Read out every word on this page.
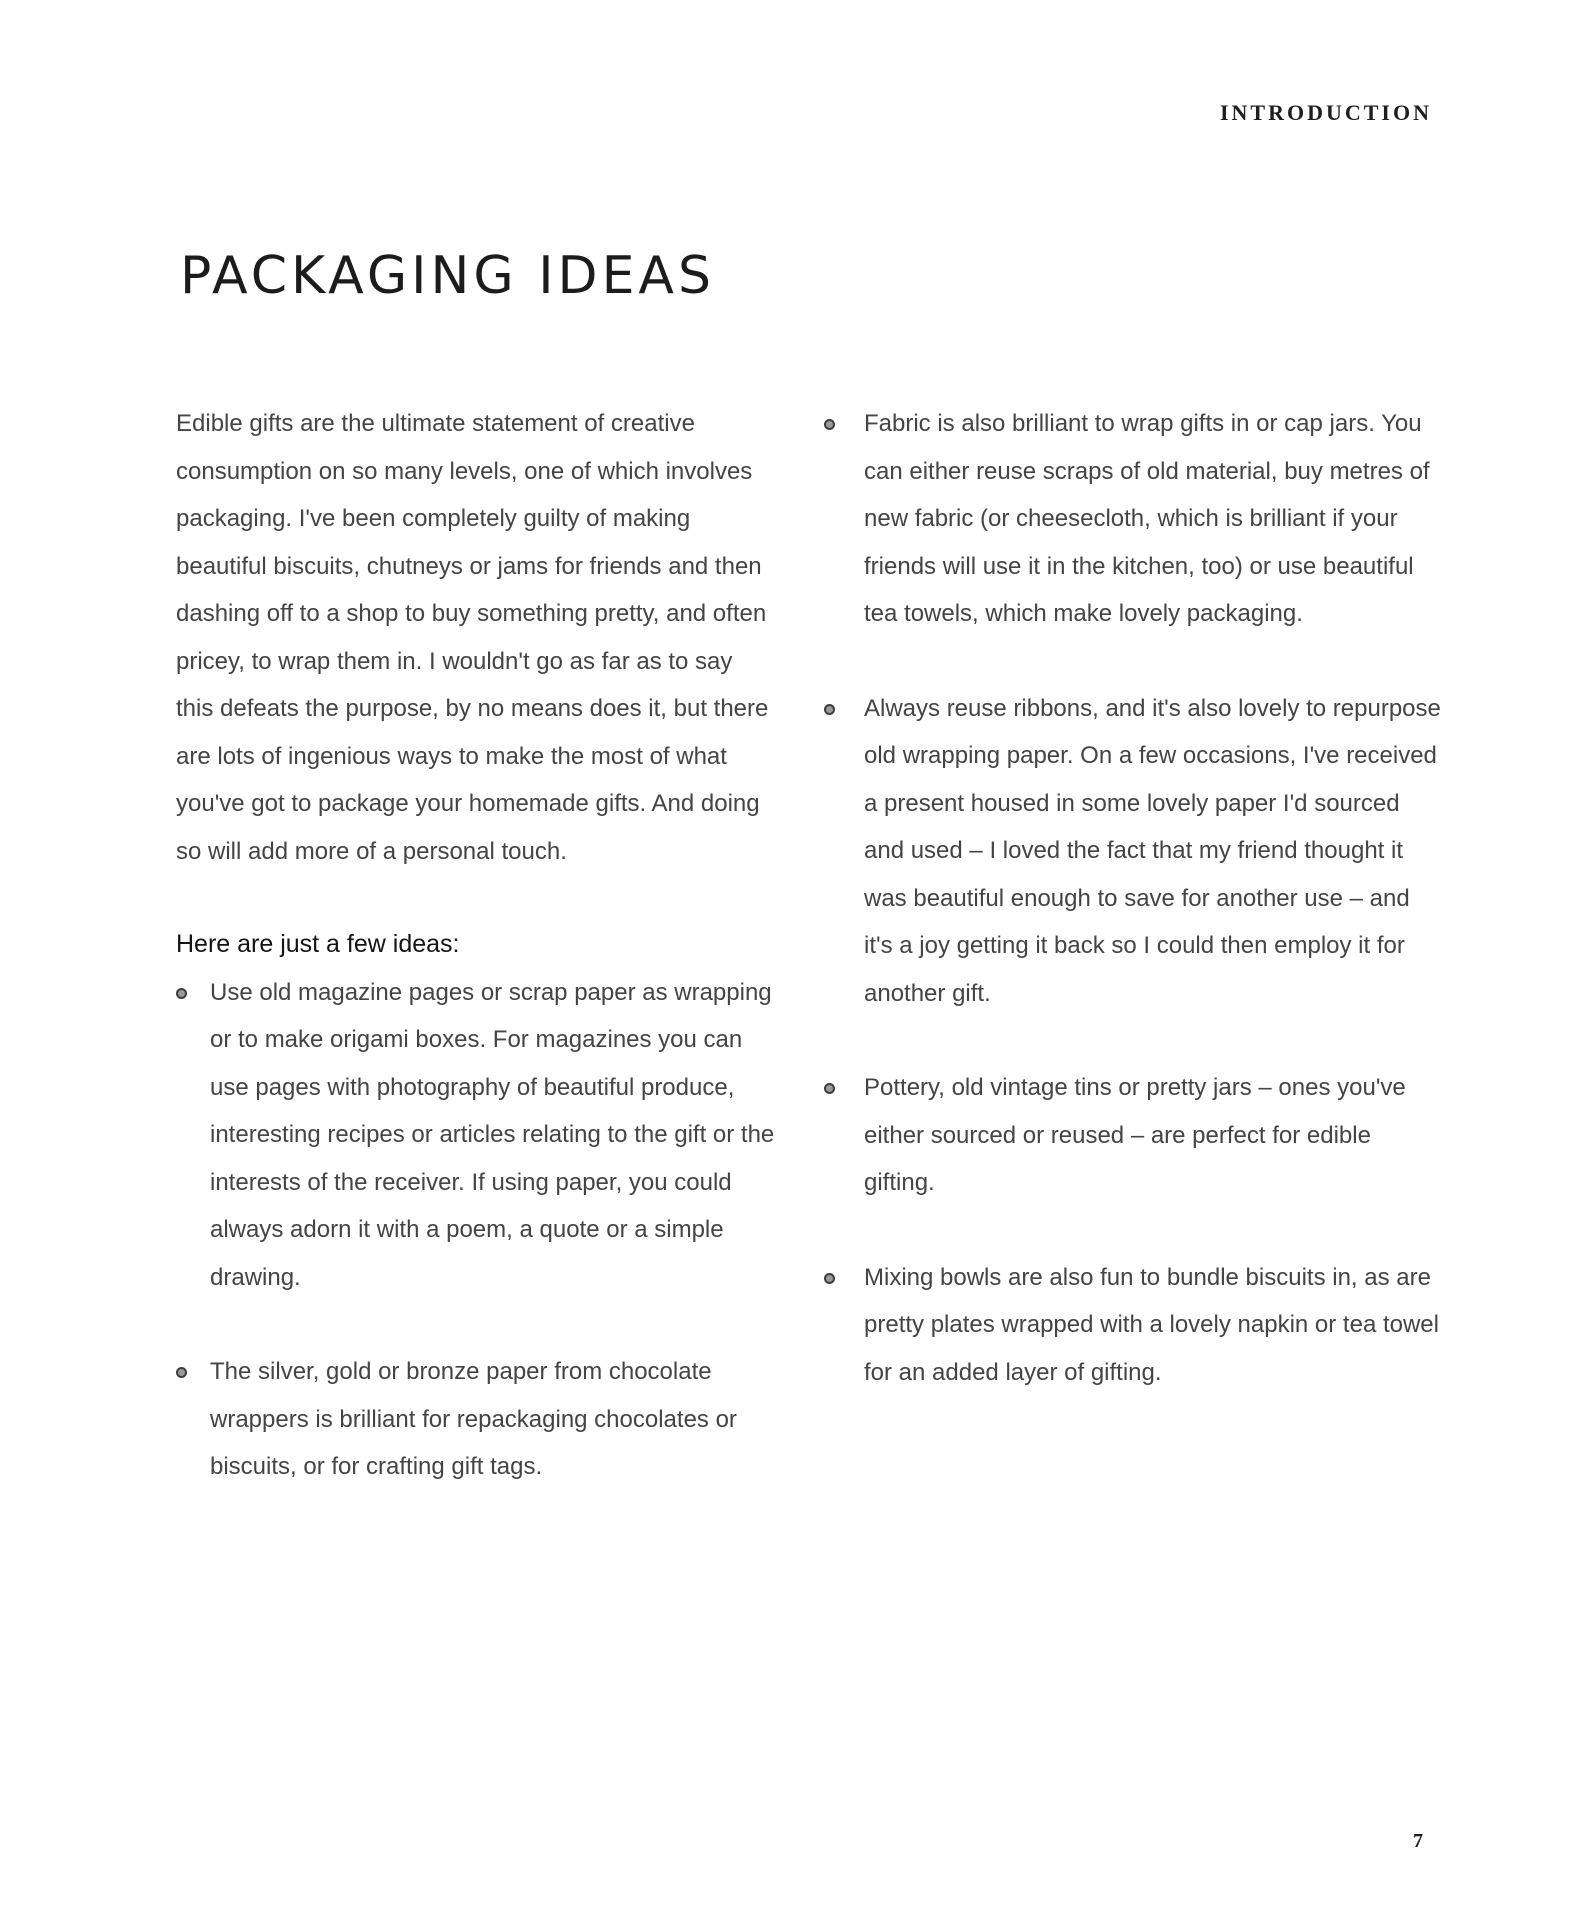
INTRODUCTION
PACKAGING IDEAS

Edible gifts are the ultimate statement of creative consumption on so many levels, one of which involves packaging. I've been completely guilty of making beautiful biscuits, chutneys or jams for friends and then dashing off to a shop to buy something pretty, and often pricey, to wrap them in. I wouldn't go as far as to say this defeats the purpose, by no means does it, but there are lots of ingenious ways to make the most of what you've got to package your homemade gifts. And doing so will add more of a personal touch.

Here are just a few ideas:
Use old magazine pages or scrap paper as wrapping or to make origami boxes. For magazines you can use pages with photography of beautiful produce, interesting recipes or articles relating to the gift or the interests of the receiver. If using paper, you could always adorn it with a poem, a quote or a simple drawing.
The silver, gold or bronze paper from chocolate wrappers is brilliant for repackaging chocolates or biscuits, or for crafting gift tags.
Fabric is also brilliant to wrap gifts in or cap jars. You can either reuse scraps of old material, buy metres of new fabric (or cheesecloth, which is brilliant if your friends will use it in the kitchen, too) or use beautiful tea towels, which make lovely packaging.
Always reuse ribbons, and it's also lovely to repurpose old wrapping paper. On a few occasions, I've received a present housed in some lovely paper I'd sourced and used – I loved the fact that my friend thought it was beautiful enough to save for another use – and it's a joy getting it back so I could then employ it for another gift.
Pottery, old vintage tins or pretty jars – ones you've either sourced or reused – are perfect for edible gifting.
Mixing bowls are also fun to bundle biscuits in, as are pretty plates wrapped with a lovely napkin or tea towel for an added layer of gifting.
7
